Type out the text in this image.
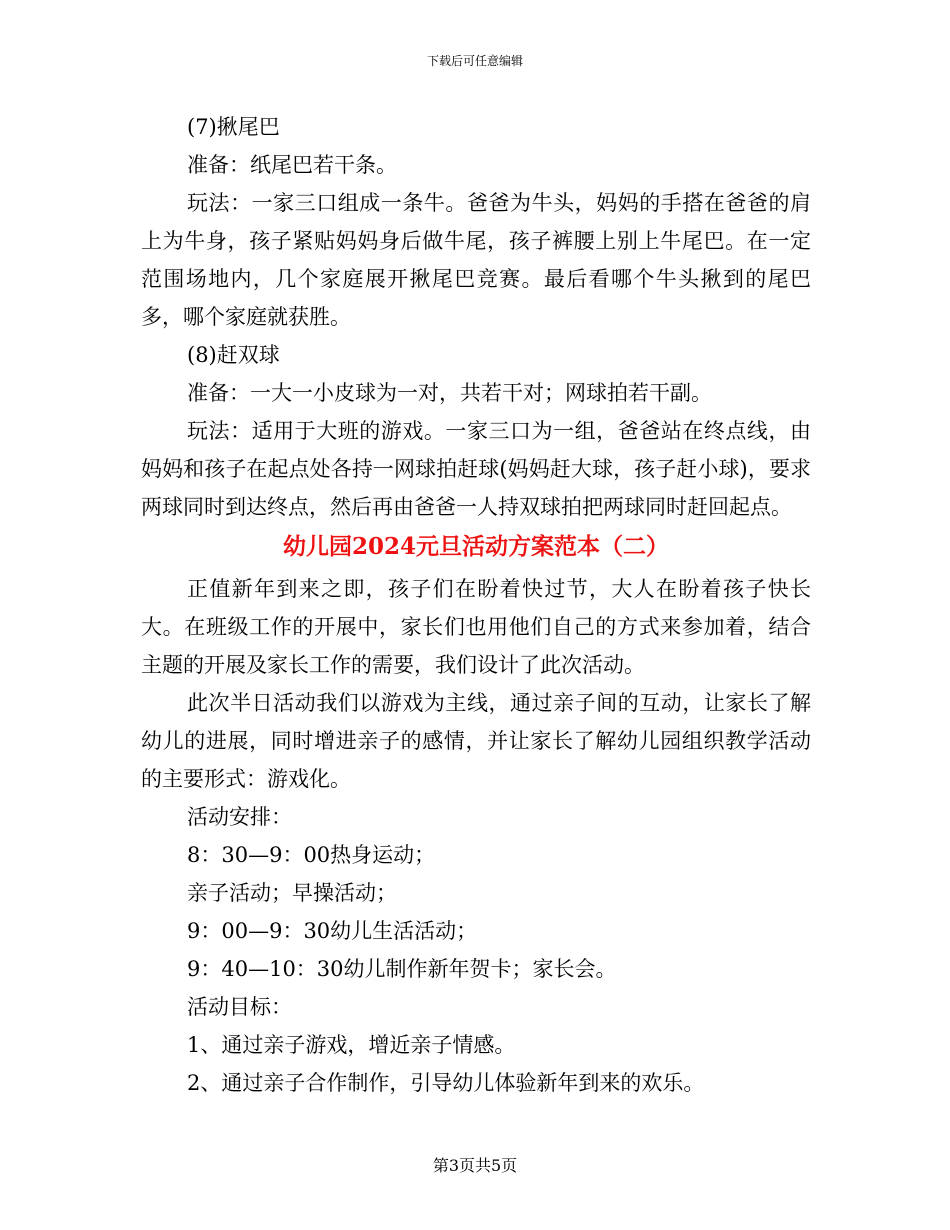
下载后可任意编辑

(7)揪尾巴

准备：纸尾巴若干条。

玩法：一家三口组成一条牛。爸爸为牛头，妈妈的手搭在爸爸的肩上为牛身，孩子紧贴妈妈身后做牛尾，孩子裤腰上别上牛尾巴。在一定范围场地内，几个家庭展开揪尾巴竞赛。最后看哪个牛头揪到的尾巴多，哪个家庭就获胜。

(8)赶双球

准备：一大一小皮球为一对，共若干对；网球拍若干副。

玩法：适用于大班的游戏。一家三口为一组，爸爸站在终点线，由妈妈和孩子在起点处各持一网球拍赶球(妈妈赶大球，孩子赶小球)，要求两球同时到达终点，然后再由爸爸一人持双球拍把两球同时赶回起点。

幼儿园2024元旦活动方案范本（二）

正值新年到来之即，孩子们在盼着快过节，大人在盼着孩子快长大。在班级工作的开展中，家长们也用他们自己的方式来参加着，结合主题的开展及家长工作的需要，我们设计了此次活动。

此次半日活动我们以游戏为主线，通过亲子间的互动，让家长了解幼儿的进展，同时增进亲子的感情，并让家长了解幼儿园组织教学活动的主要形式：游戏化。

活动安排：

8：30—9：00热身运动；

亲子活动；早操活动；

9：00—9：30幼儿生活活动；

9：40—10：30幼儿制作新年贺卡；家长会。

活动目标：

1、通过亲子游戏，增近亲子情感。

2、通过亲子合作制作，引导幼儿体验新年到来的欢乐。

第3页共5页
